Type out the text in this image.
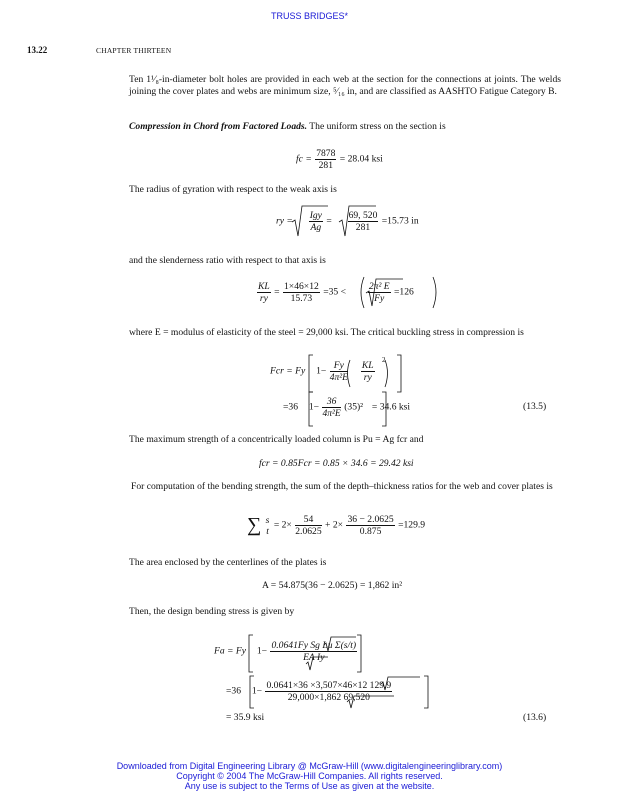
TRUSS BRIDGES*
13.22	CHAPTER THIRTEEN
Ten 1¹⁄₈-in-diameter bolt holes are provided in each web at the section for the connections at joints. The welds joining the cover plates and webs are minimum size, ⁵⁄₁₆ in, and are classified as AASHTO Fatigue Category B.
Compression in Chord from Factored Loads. The uniform stress on the section is
fc = $\frac{7878}{281} = 28.04$ ksi
The radius of gyration with respect to the weak axis is
ry = $\frac{\text{Igy}}{Ag} = \frac{69, 520}{281} =15.73$ in
and the slenderness ratio with respect to that axis is
$\frac{KL}{ry} = \frac{1\times 46\times 12}{15.73} =35 < \frac{\text{2π² E}}{Fy} =126$
where E = modulus of elasticity of the steel = 29,000 ksi. The critical buckling stress in compression is
Fcr = Fy $1- \frac{Fy}{\text{4π²E}}$
$\frac{KL}{ry}$
$^2$
=36 $1- \frac{36}{\text{4π²E}} (35)^2 = 34.6$ ksi	(13.5)
The maximum strength of a concentrically loaded column is Pu = Ag fcr and
fcr = 0.85Fcr = 0.85 × 34.6 = 29.42 ksi
For computation of the bending strength, the sum of the depth–thickness ratios for the web and cover plates is
∑ s
t
= $2\times \frac{54}{2.0625} + 2\times \frac{36 - 2.0625}{0.875} =129.9$
The area enclosed by the centerlines of the plates is
A = 54.875(36 − 2.0625) = 1,862 in²
Then, the design bending stress is given by
Fa = Fy $1- \frac{\text{0.0641Fy Sg Lu Σ(s/t)}}{\text{EA Iy}}$
=36 $1- \frac{0.0641\times 36 \times 3,507\times 46\times 12 129.9}{29,000\times 1,862 69,520}$
= 35.9 ksi	(13.6)
Downloaded from Digital Engineering Library @ McGraw-Hill (www.digitalengineeringlibrary.com)
Copyright © 2004 The McGraw-Hill Companies. All rights reserved.
Any use is subject to the Terms of Use as given at the website.
